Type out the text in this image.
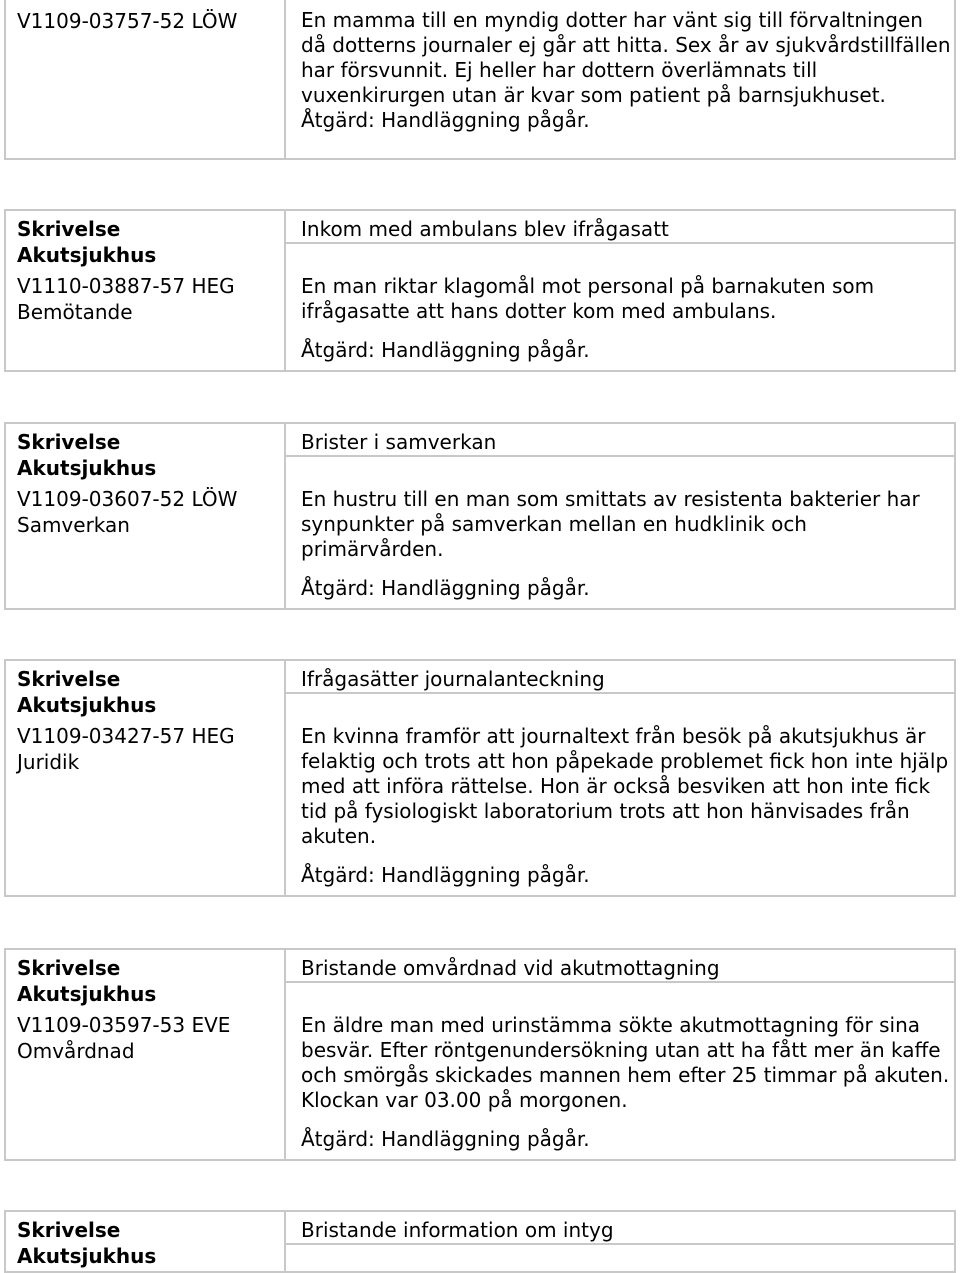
V1109-03757-52 LÖW	En mamma till en myndig dotter har vänt sig till förvaltningen då dotterns journaler ej går att hitta. Sex år av sjukvårdstillfällen har försvunnit. Ej heller har dottern överlämnats till vuxenkirurgen utan är kvar som patient på barnsjukhuset.

Åtgärd: Handläggning pågår.
Skrivelse
Akutsjukhus
V1110-03887-57 HEG
Bemötande
Inkom med ambulans blev ifrågasatt

En man riktar klagomål mot personal på barnakuten som ifrågasatte att hans dotter kom med ambulans.

Åtgärd: Handläggning pågår.
Skrivelse
Akutsjukhus
V1109-03607-52 LÖW
Samverkan
Brister i samverkan

En hustru till en man som smittats av resistenta bakterier har synpunkter på samverkan mellan en hudklinik och primärvården.

Åtgärd: Handläggning pågår.
Skrivelse
Akutsjukhus
V1109-03427-57 HEG
Juridik
Ifrågasätter journalanteckning

En kvinna framför att journaltext från besök på akutsjukhus är felaktig och trots att hon påpekade problemet fick hon inte hjälp med att införa rättelse. Hon är också besviken att hon inte fick tid på fysiologiskt laboratorium trots att hon hänvisades från akuten.

Åtgärd: Handläggning pågår.
Skrivelse
Akutsjukhus
V1109-03597-53 EVE
Omvårdnad
Bristande omvårdnad vid akutmottagning

En äldre man med urinstämma sökte akutmottagning för sina besvär. Efter röntgenundersökning utan att ha fått mer än kaffe och smörgås skickades mannen hem efter 25 timmar på akuten. Klockan var 03.00 på morgonen.

Åtgärd: Handläggning pågår.
Skrivelse
Akutsjukhus
Bristande information om intyg
